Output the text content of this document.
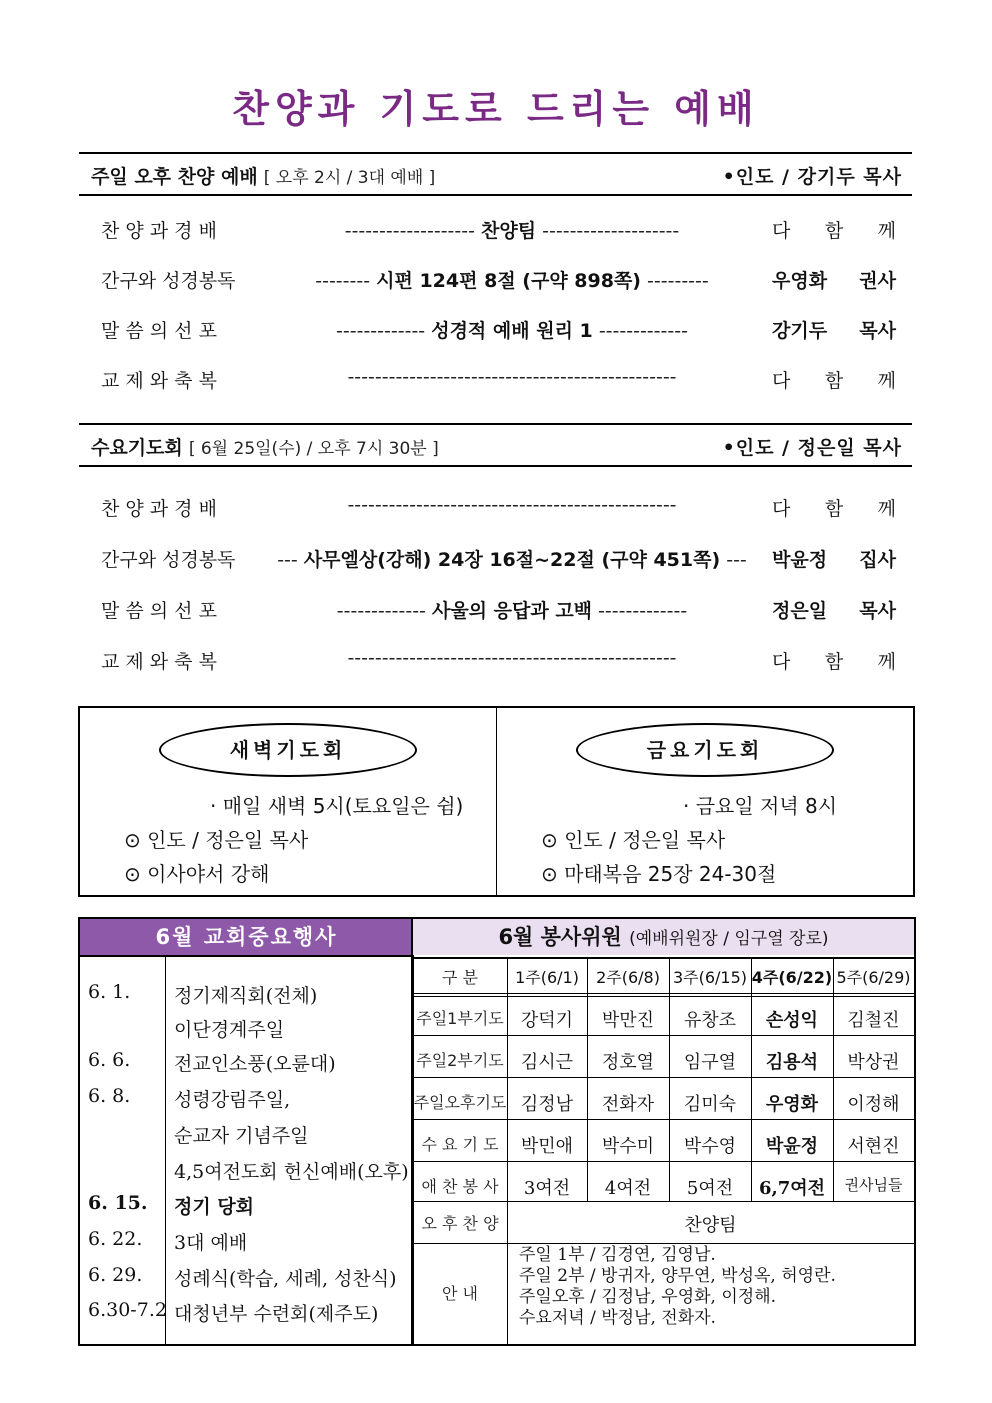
찬양과 기도로 드리는 예배
주일 오후 찬양 예배 [ 오후 2시 / 3대 예배 ]	•인도 / 강기두 목사
찬 양 과 경 배	------------------- 찬양팀 --------------------	다 함 께
간구와 성경봉독	-------- 시편 124편 8절 (구약 898쪽) ---------	우영화 권사
말 씀 의 선 포	------------- 성경적 예배 원리 1 -------------	강기두 목사
교 제 와 축 복	------------------------------------------------	다 함 께
수요기도회 [ 6월 25일(수) / 오후 7시 30분 ]	•인도 / 정은일 목사
찬 양 과 경 배	------------------------------------------------	다 함 께
간구와 성경봉독	--- 사무엘상(강해) 24장 16절~22절 (구약 451쪽) ---	박윤정 집사
말 씀 의 선 포	------------- 사울의 응답과 고백 -------------	정은일 목사
교 제 와 축 복	------------------------------------------------	다 함 께
새벽기도회
· 매일 새벽 5시(토요일은 쉼)
⊙ 인도 / 정은일 목사
⊙ 이사야서 강해
금요기도회
· 금요일 저녁 8시
⊙ 인도 / 정은일 목사
⊙ 마태복음 25장 24-30절
6월 교회중요행사
6. 1. 정기제직회(전체)
이단경계주일
6. 6. 전교인소풍(오륜대)
6. 8. 성령강림주일,
순교자 기념주일
4,5여전도회 헌신예배(오후)
6. 15. 정기 당회
6. 22. 3대 예배
6. 29. 성례식(학습, 세례, 성찬식)
6.30-7.2 대청년부 수련회(제주도)
6월 봉사위원 (예배위원장 / 임구열 장로)
구 분	1주(6/1)	2주(6/8) 3주(6/15) 4주(6/22) 5주(6/29)
주일1부기도 강덕기	박만진	유창조	손성익	김철진
주일2부기도 김시근	정호열	임구열	김용석	박상권
주일오후기도 김정남	전화자	김미숙	우영화	이정해
수 요 기 도	박민애	박수미	박수영	박윤정	서현진
애 찬 봉 사	3여전	4여전	5여전	6,7여전	권사님들
오 후 찬 양	찬양팀
안 내
주일 1부 / 김경연, 김영남.
주일 2부 / 방귀자, 양무연, 박성옥, 허영란.
주일오후 / 김정남, 우영화, 이정해.
수요저녁 / 박정남, 전화자.
